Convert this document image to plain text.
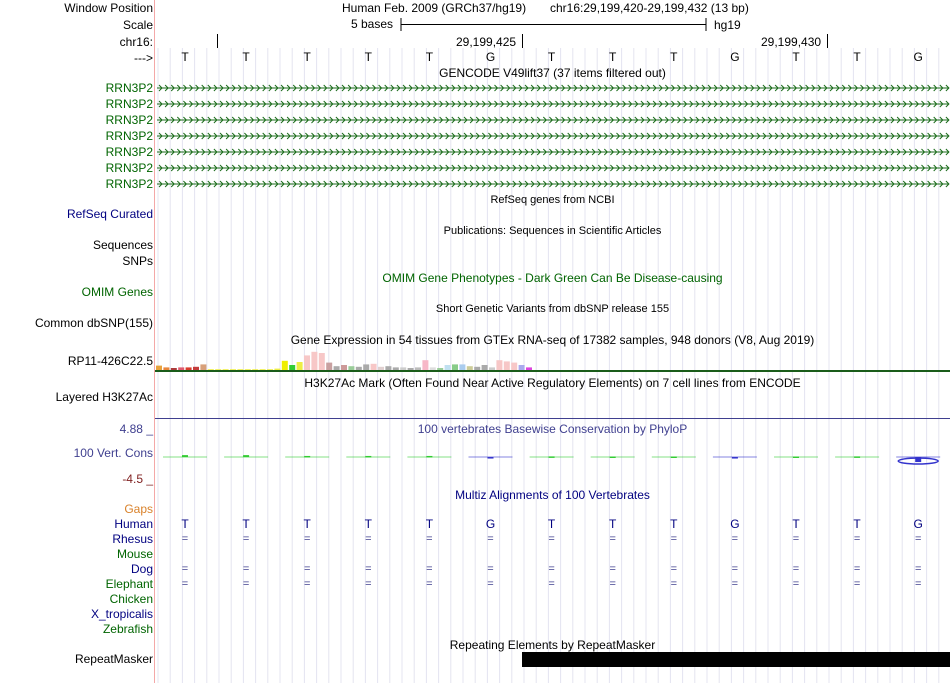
Window Position	Human Feb. 2009 (GRCh37/hg19) chr16:29,199,420-29,199,432 (13 bp)
Scale	5 bases	hg19
chr16:	29,199,425	29,199,430
--->	T	T	T	T	T	G	T	T	T	G	T	T	G
GENCODE V49lift37 (37 items filtered out)
RRN3P2
RRN3P2
RRN3P2
RRN3P2
RRN3P2
RRN3P2
RRN3P2
RefSeq genes from NCBI
RefSeq Curated
Publications: Sequences in Scientific Articles
Sequences
SNPs
OMIM Gene Phenotypes - Dark Green Can Be Disease-causing
OMIM Genes
Short Genetic Variants from dbSNP release 155
Common dbSNP(155)
Gene Expression in 54 tissues from GTEx RNA-seq of 17382 samples, 948 donors (V8, Aug 2019)
RP11-426C22.5
H3K27Ac Mark (Often Found Near Active Regulatory Elements) on 7 cell lines from ENCODE
Layered H3K27Ac
100 vertebrates Basewise Conservation by PhyloP
4.88 _
100 Vert. Cons
-4.5 _
Multiz Alignments of 100 Vertebrates
Gaps
Human	T	T	T	T	T	G	T	T	T	G	T	T	G
Rhesus	=	=	=	=	=	=	=	=	=	=	=	=	=
Mouse
Dog	=	=	=	=	=	=	=	=	=	=	=	=	=
Elephant	=	=	=	=	=	=	=	=	=	=	=	=	=
Chicken
X_tropicalis
Zebrafish
Repeating Elements by RepeatMasker
RepeatMasker
